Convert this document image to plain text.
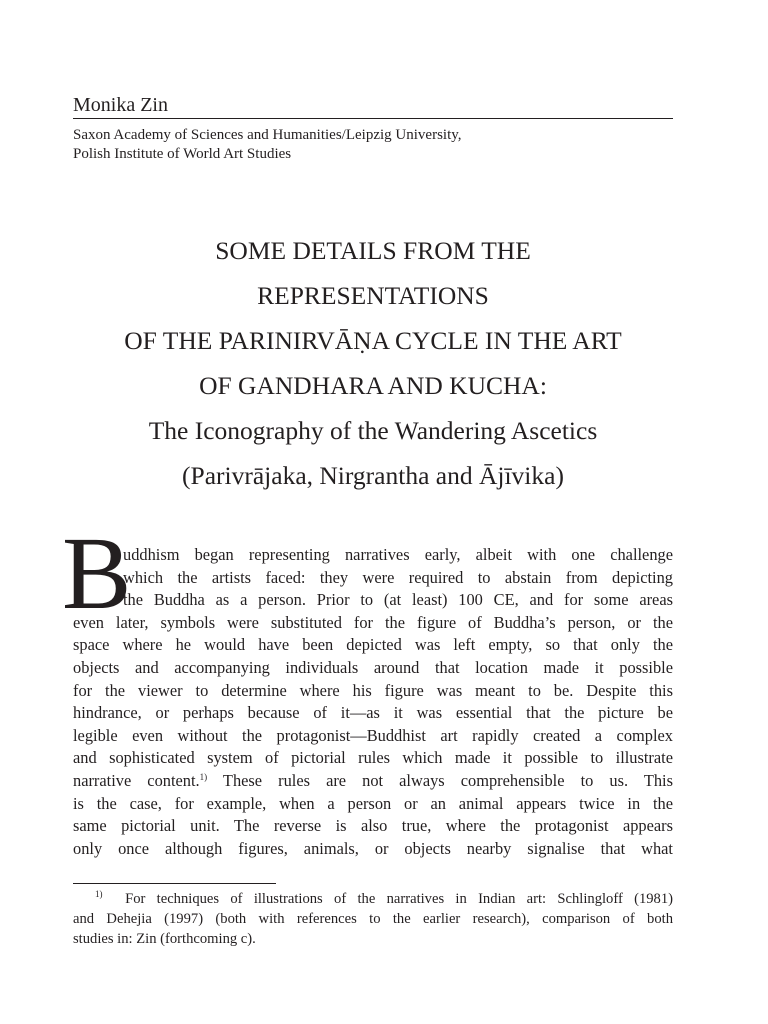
Monika Zin
Saxon Academy of Sciences and Humanities/Leipzig University,
Polish Institute of World Art Studies
SOME DETAILS FROM THE
REPRESENTATIONS
OF THE PARINIRVĀṆA CYCLE IN THE ART
OF GANDHARA AND KUCHA:
The Iconography of the Wandering Ascetics
(Parivrājaka, Nirgrantha and Ājīvika)
B
uddhism began representing narratives early, albeit with one challenge
which the artists faced: they were required to abstain from depicting
the Buddha as a person. Prior to (at least) 100 CE, and for some areas
even later, symbols were substituted for the figure of Buddha’s person, or the
space where he would have been depicted was left empty, so that only the
objects and accompanying individuals around that location made it possible
for the viewer to determine where his figure was meant to be. Despite this
hindrance, or perhaps because of it—as it was essential that the picture be
legible even without the protagonist—Buddhist art rapidly created a complex
and sophisticated system of pictorial rules which made it possible to illustrate
narrative content.$^{1)}$ These rules are not always comprehensible to us. This
is the case, for example, when a person or an animal appears twice in the
same pictorial unit. The reverse is also true, where the protagonist appears
only once although figures, animals, or objects nearby signalise that what
$^{1)}$ For techniques of illustrations of the narratives in Indian art: Schlingloff (1981)
and Dehejia (1997) (both with references to the earlier research), comparison of both
studies in: Zin (forthcoming c).
